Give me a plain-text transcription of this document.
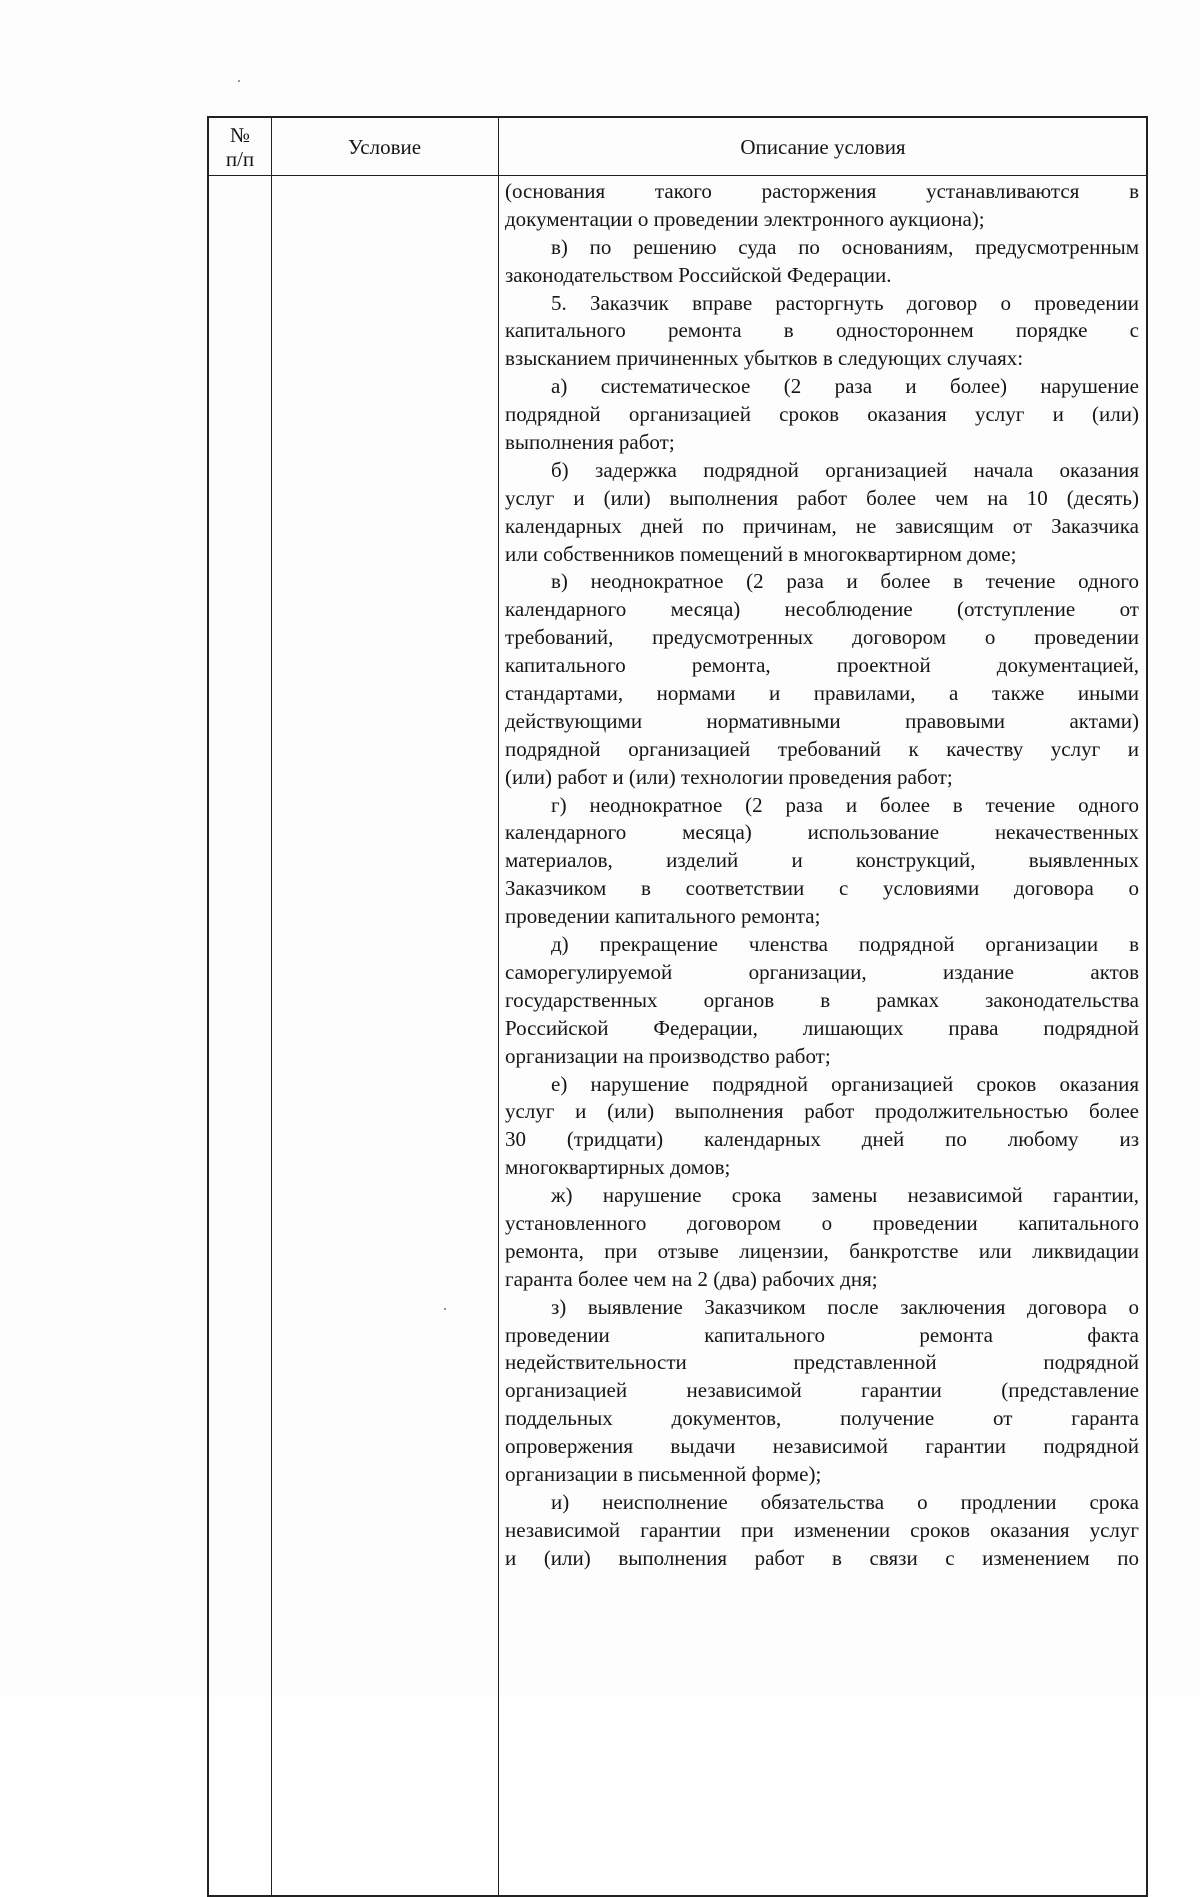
№
п/п	Условие	Описание условия
(основания такого расторжения устанавливаются в
документации о проведении электронного аукциона);
в) по решению суда по основаниям, предусмотренным
законодательством Российской Федерации.
5. Заказчик вправе расторгнуть договор о проведении
капитального ремонта в одностороннем порядке с
взысканием причиненных убытков в следующих случаях:
а) систематическое (2 раза и более) нарушение
подрядной организацией сроков оказания услуг и (или)
выполнения работ;
б) задержка подрядной организацией начала оказания
услуг и (или) выполнения работ более чем на 10 (десять)
календарных дней по причинам, не зависящим от Заказчика
или собственников помещений в многоквартирном доме;
в) неоднократное (2 раза и более в течение одного
календарного месяца) несоблюдение (отступление от
требований, предусмотренных договором о проведении
капитального ремонта, проектной документацией,
стандартами, нормами и правилами, а также иными
действующими нормативными правовыми актами)
подрядной организацией требований к качеству услуг и
(или) работ и (или) технологии проведения работ;
г) неоднократное (2 раза и более в течение одного
календарного месяца) использование некачественных
материалов, изделий и конструкций, выявленных
Заказчиком в соответствии с условиями договора о
проведении капитального ремонта;
д) прекращение членства подрядной организации в
саморегулируемой организации, издание актов
государственных органов в рамках законодательства
Российской Федерации, лишающих права подрядной
организации на производство работ;
е) нарушение подрядной организацией сроков оказания
услуг и (или) выполнения работ продолжительностью более
30 (тридцати) календарных дней по любому из
многоквартирных домов;
ж) нарушение срока замены независимой гарантии,
установленного договором о проведении капитального
ремонта, при отзыве лицензии, банкротстве или ликвидации
гаранта более чем на 2 (два) рабочих дня;
з) выявление Заказчиком после заключения договора о
проведении капитального ремонта факта
недействительности представленной подрядной
организацией независимой гарантии (представление
поддельных документов, получение от гаранта
опровержения выдачи независимой гарантии подрядной
организации в письменной форме);
и) неисполнение обязательства о продлении срока
независимой гарантии при изменении сроков оказания услуг
и (или) выполнения работ в связи с изменением по
